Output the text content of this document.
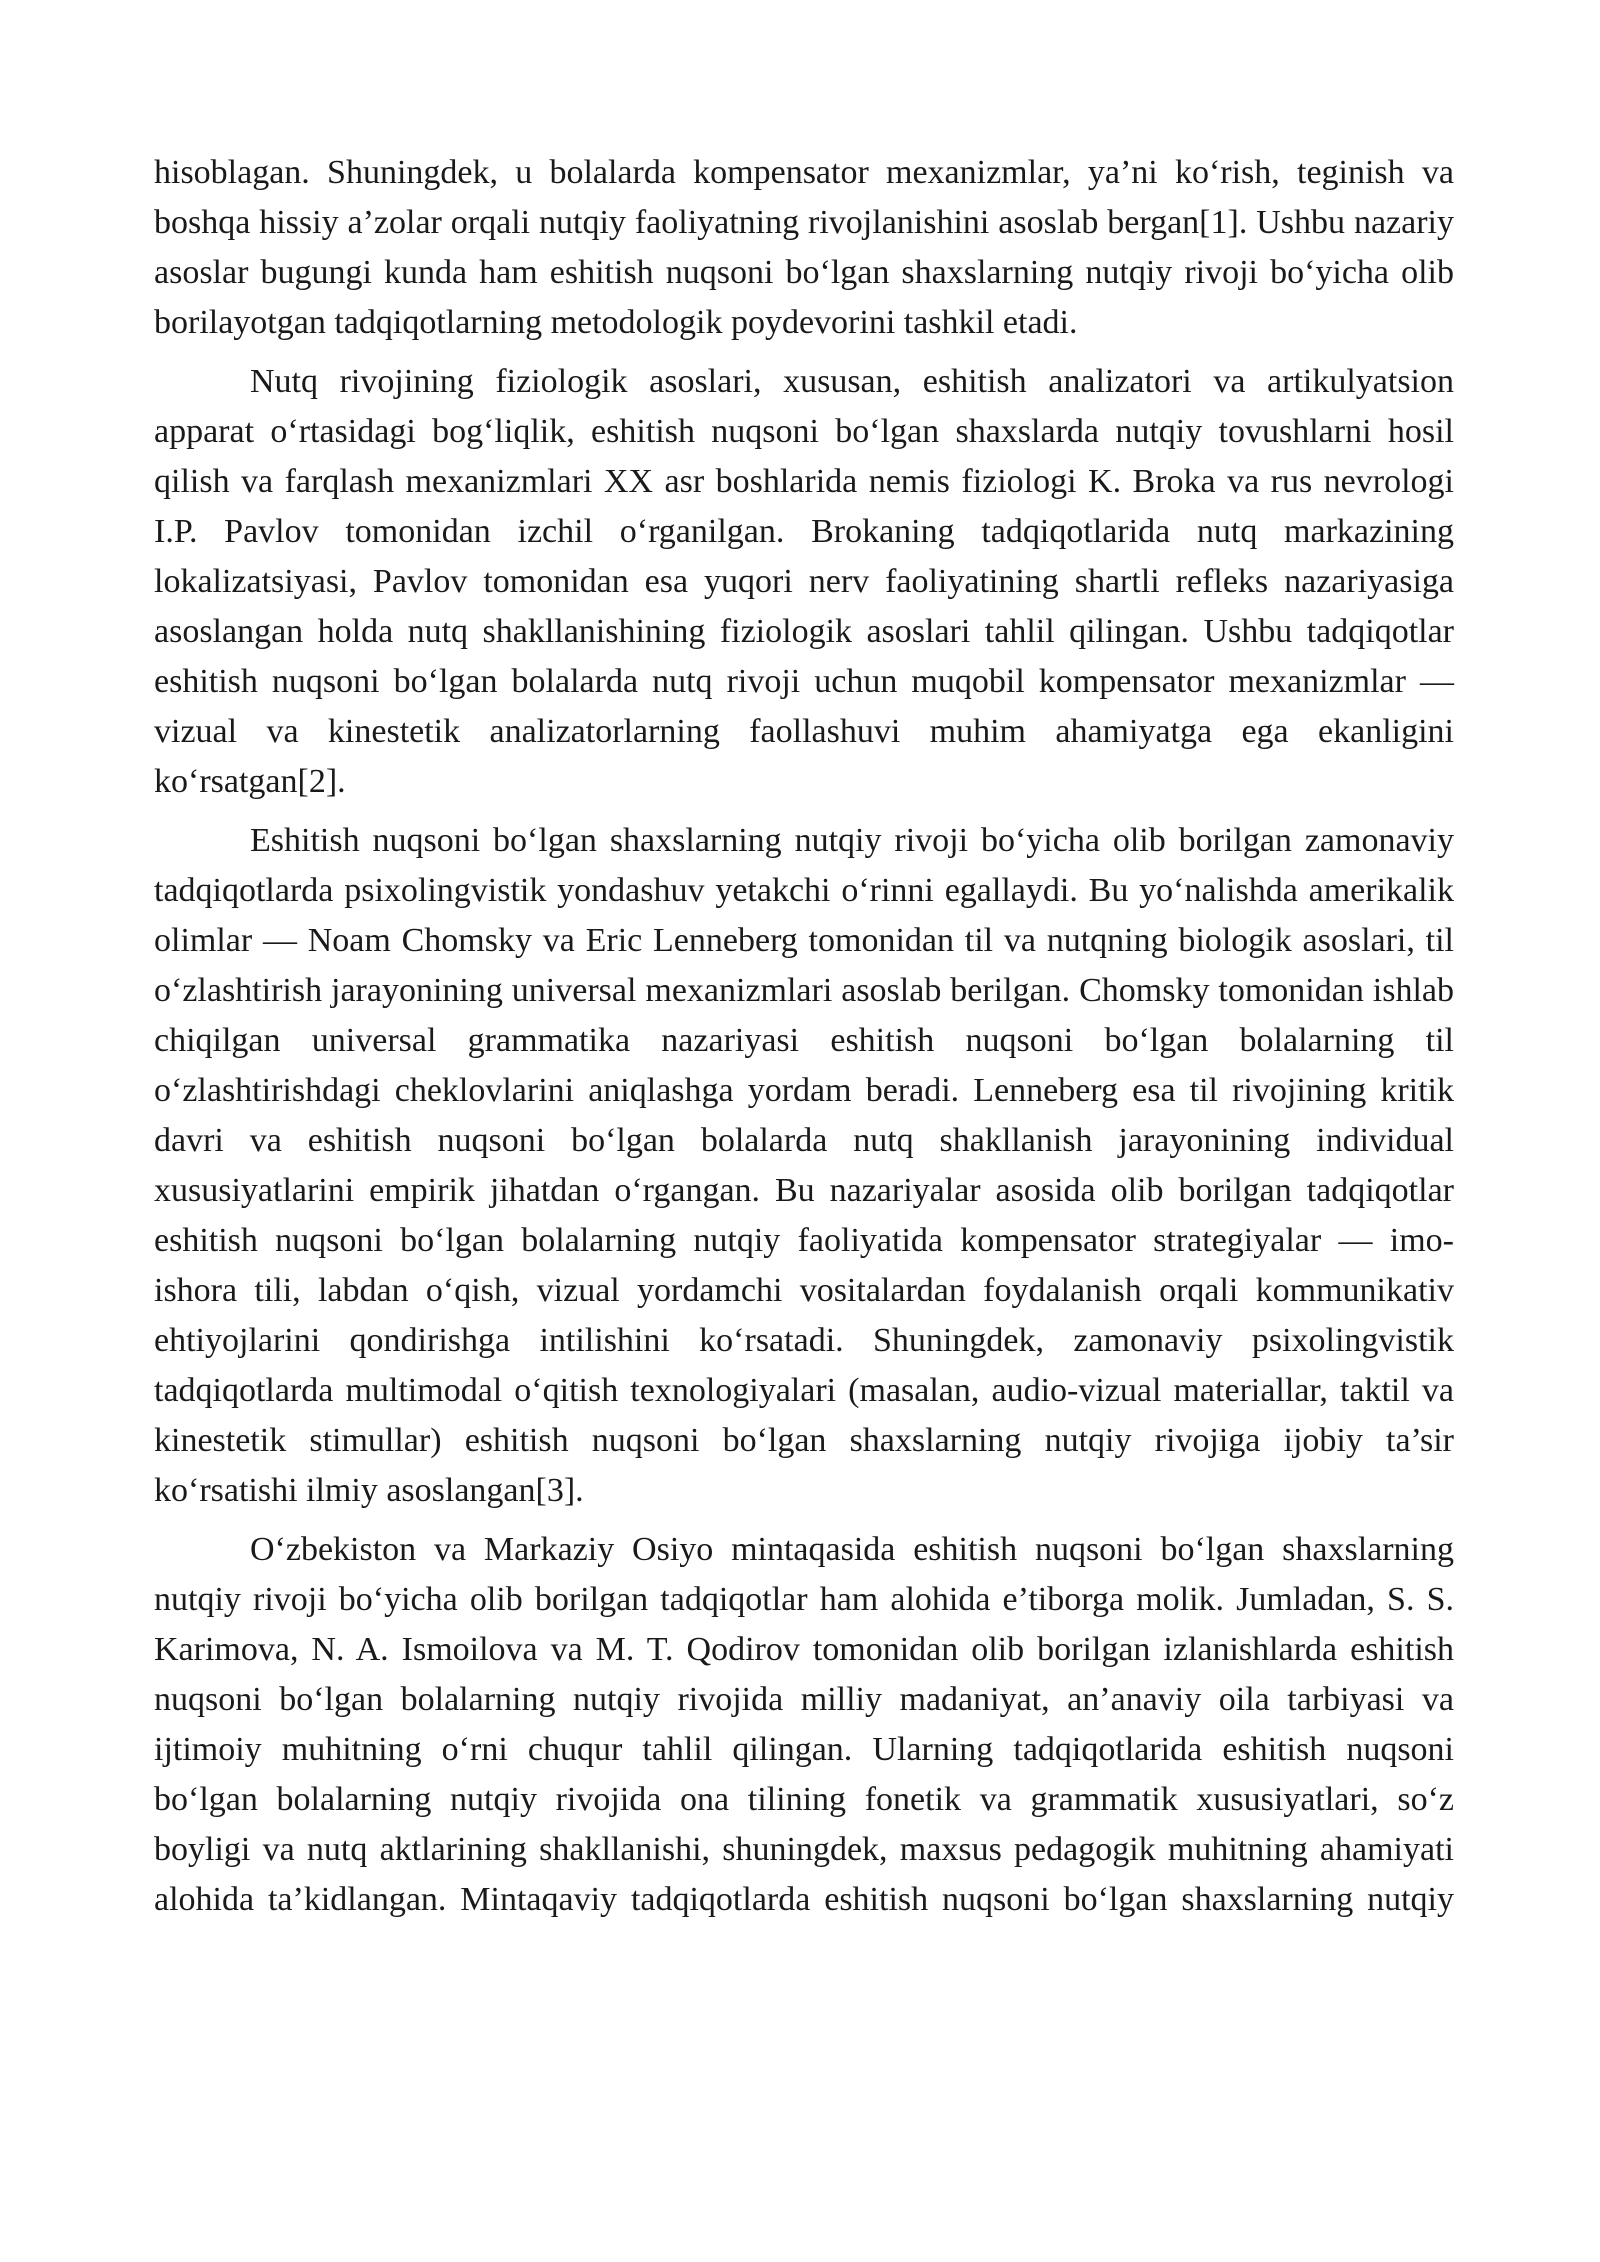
hisoblagan. Shuningdek, u bolalarda kompensator mexanizmlar, ya’ni ko‘rish, teginish va boshqa hissiy a’zolar orqali nutqiy faoliyatning rivojlanishini asoslab bergan[1]. Ushbu nazariy asoslar bugungi kunda ham eshitish nuqsoni bo‘lgan shaxslarning nutqiy rivoji bo‘yicha olib borilayotgan tadqiqotlarning metodologik poydevorini tashkil etadi.

Nutq rivojining fiziologik asoslari, xususan, eshitish analizatori va artikulyatsion apparat o‘rtasidagi bog‘liqlik, eshitish nuqsoni bo‘lgan shaxslarda nutqiy tovushlarni hosil qilish va farqlash mexanizmlari XX asr boshlarida nemis fiziologi K. Broka va rus nevrologi I.P. Pavlov tomonidan izchil o‘rganilgan. Brokaning tadqiqotlarida nutq markazining lokalizatsiyasi, Pavlov tomonidan esa yuqori nerv faoliyatining shartli refleks nazariyasiga asoslangan holda nutq shakllanishining fiziologik asoslari tahlil qilingan. Ushbu tadqiqotlar eshitish nuqsoni bo‘lgan bolalarda nutq rivoji uchun muqobil kompensator mexanizmlar — vizual va kinestetik analizatorlarning faollashuvi muhim ahamiyatga ega ekanligini ko‘rsatgan[2].

Eshitish nuqsoni bo‘lgan shaxslarning nutqiy rivoji bo‘yicha olib borilgan zamonaviy tadqiqotlarda psixolingvistik yondashuv yetakchi o‘rinni egallaydi. Bu yo‘nalishda amerikalik olimlar — Noam Chomsky va Eric Lenneberg tomonidan til va nutqning biologik asoslari, til o‘zlashtirish jarayonining universal mexanizmlari asoslab berilgan. Chomsky tomonidan ishlab chiqilgan universal grammatika nazariyasi eshitish nuqsoni bo‘lgan bolalarning til o‘zlashtirishdagi cheklovlarini aniqlashga yordam beradi. Lenneberg esa til rivojining kritik davri va eshitish nuqsoni bo‘lgan bolalarda nutq shakllanish jarayonining individual xususiyatlarini empirik jihatdan o‘rgangan. Bu nazariyalar asosida olib borilgan tadqiqotlar eshitish nuqsoni bo‘lgan bolalarning nutqiy faoliyatida kompensator strategiyalar — imo-ishora tili, labdan o‘qish, vizual yordamchi vositalardan foydalanish orqali kommunikativ ehtiyojlarini qondirishga intilishini ko‘rsatadi. Shuningdek, zamonaviy psixolingvistik tadqiqotlarda multimodal o‘qitish texnologiyalari (masalan, audio-vizual materiallar, taktil va kinestetik stimullar) eshitish nuqsoni bo‘lgan shaxslarning nutqiy rivojiga ijobiy ta’sir ko‘rsatishi ilmiy asoslangan[3].

O‘zbekiston va Markaziy Osiyo mintaqasida eshitish nuqsoni bo‘lgan shaxslarning nutqiy rivoji bo‘yicha olib borilgan tadqiqotlar ham alohida e’tiborga molik. Jumladan, S. S. Karimova, N. A. Ismoilova va M. T. Qodirov tomonidan olib borilgan izlanishlarda eshitish nuqsoni bo‘lgan bolalarning nutqiy rivojida milliy madaniyat, an’anaviy oila tarbiyasi va ijtimoiy muhitning o‘rni chuqur tahlil qilingan. Ularning tadqiqotlarida eshitish nuqsoni bo‘lgan bolalarning nutqiy rivojida ona tilining fonetik va grammatik xususiyatlari, so‘z boyligi va nutq aktlarining shakllanishi, shuningdek, maxsus pedagogik muhitning ahamiyati alohida ta’kidlangan. Mintaqaviy tadqiqotlarda eshitish nuqsoni bo‘lgan shaxslarning nutqiy
